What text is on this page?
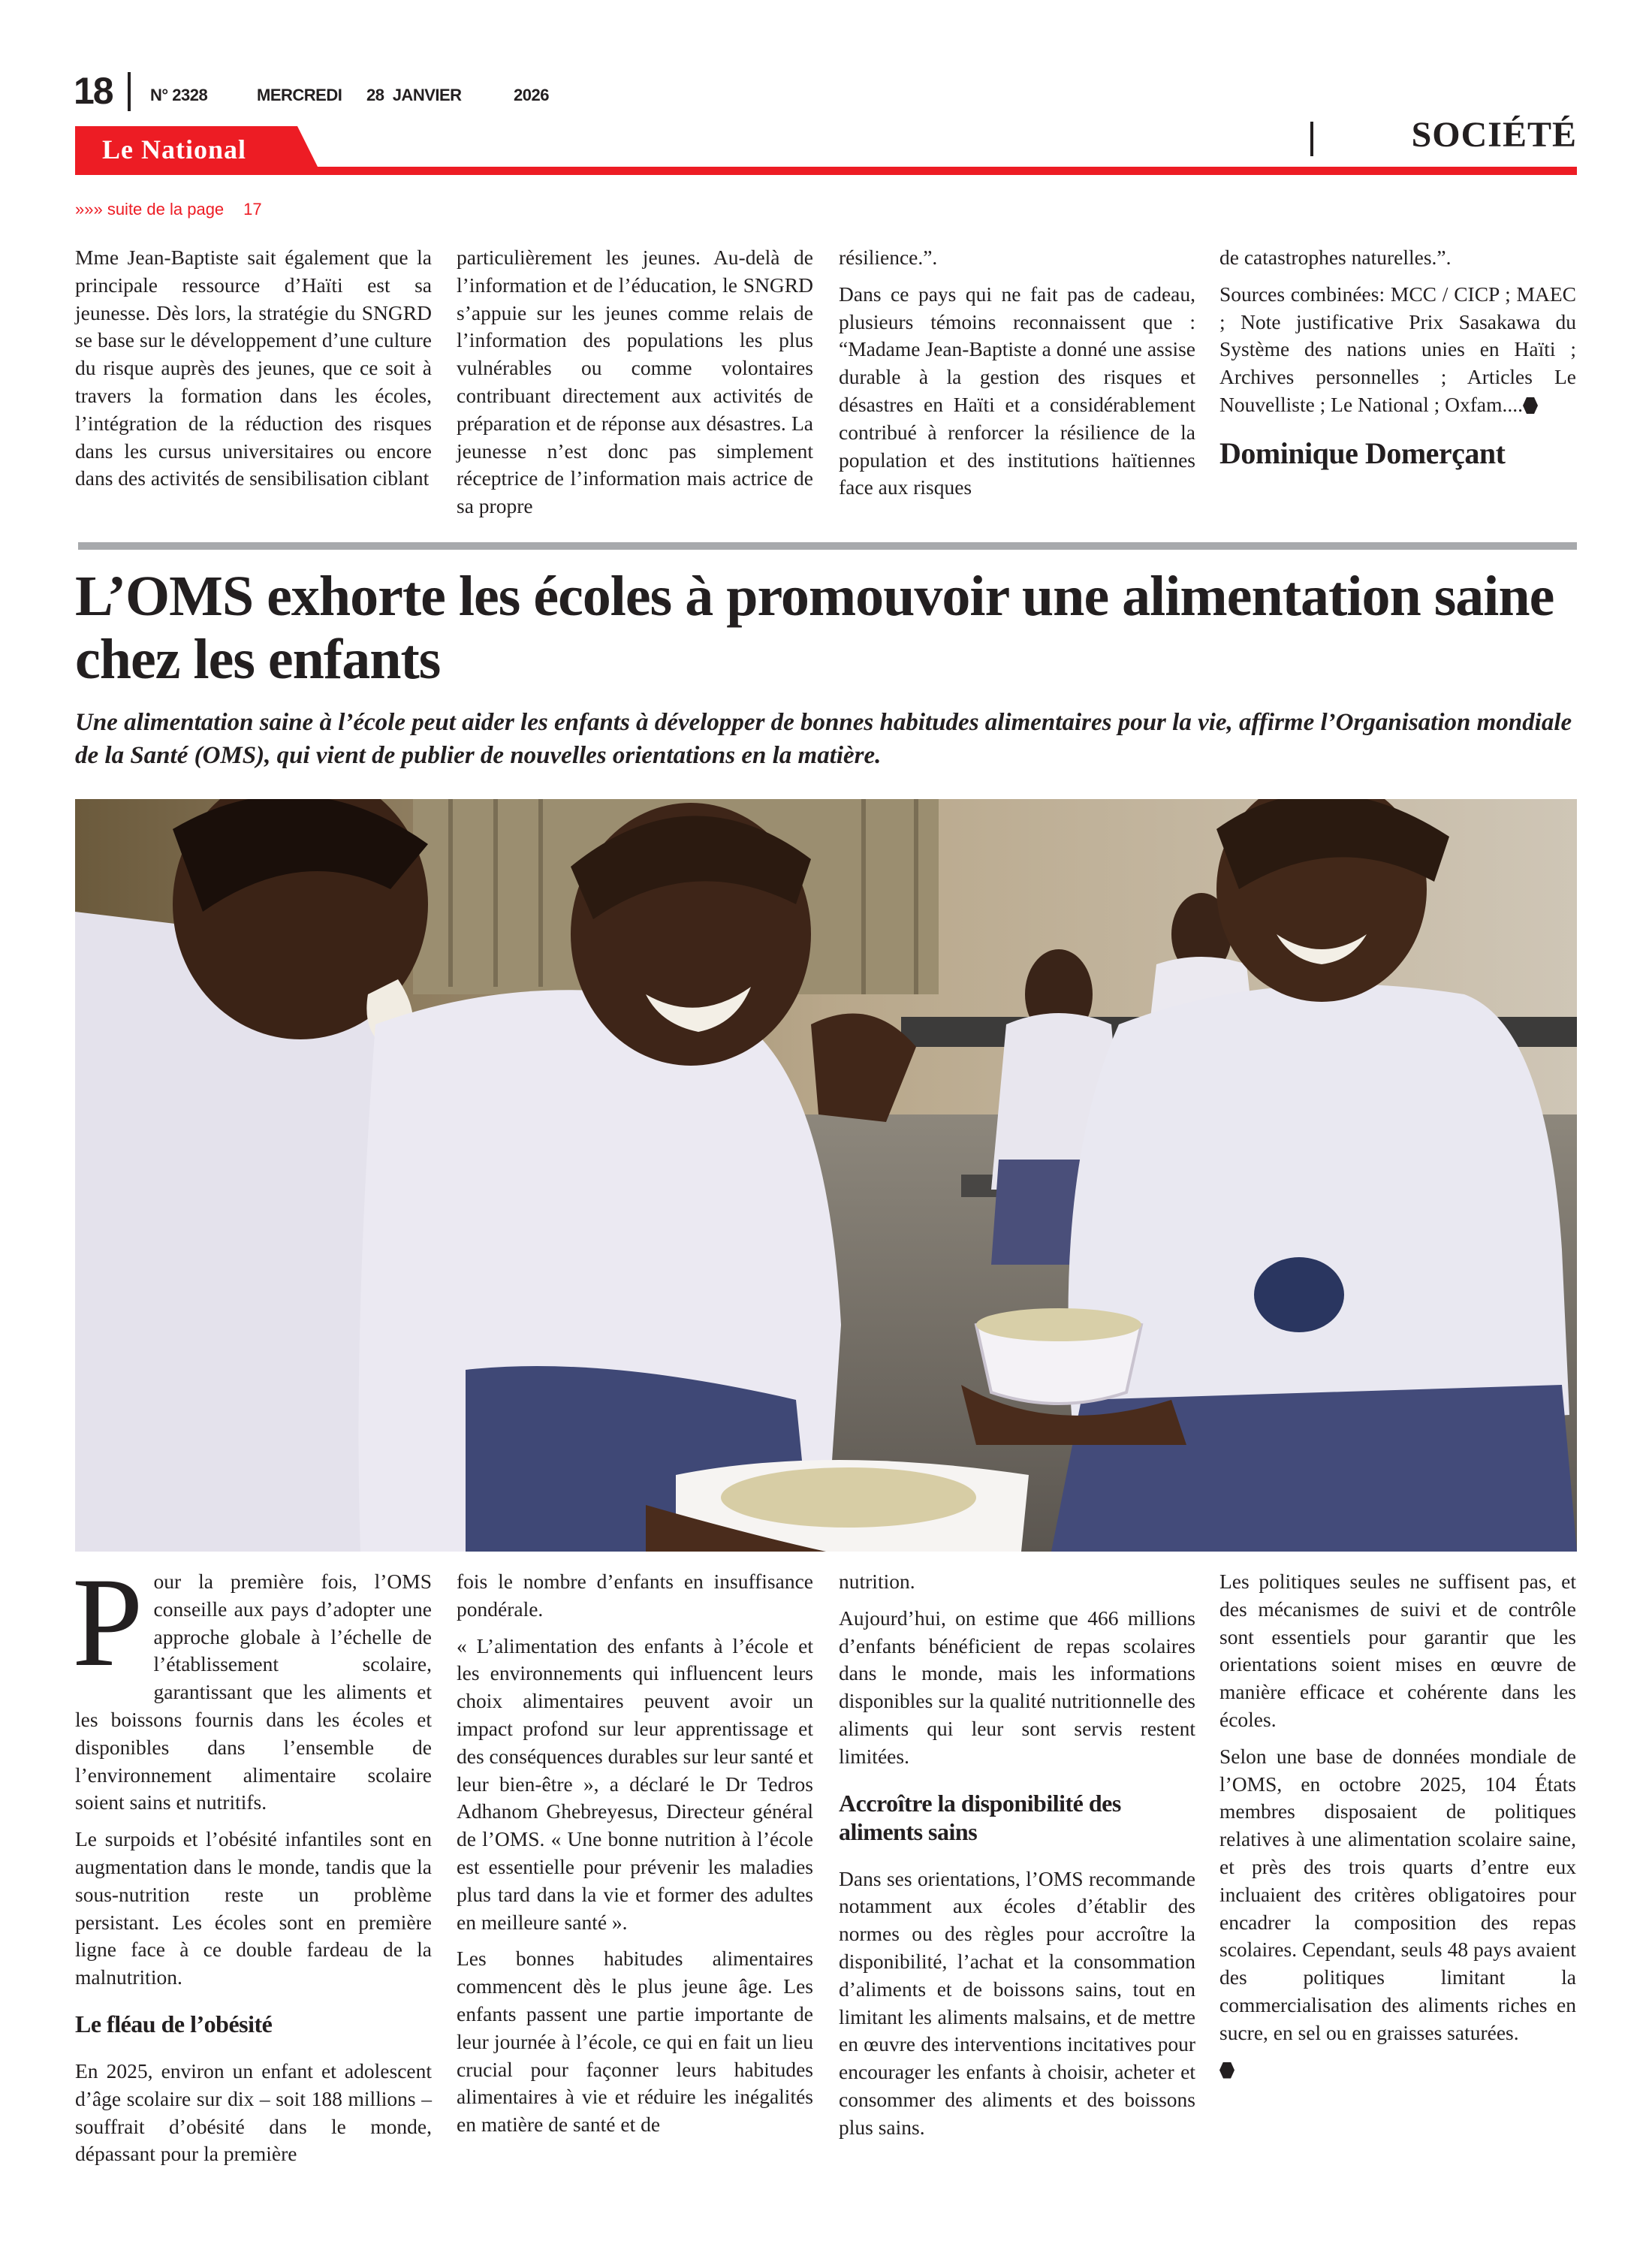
18 N° 2328	MERCREDI 28  JANVIER	2026
Le National	SOCIÉTÉ
»»» suite de la page 17

Mme Jean-Baptiste sait également que la principale ressource d’Haïti est sa jeunesse. Dès lors, la stratégie du SNGRD se base sur le développement d’une culture du risque auprès des jeunes, que ce soit à travers la formation dans les écoles, l’intégration de la réduction des risques dans les cursus universitaires ou encore dans des activités de sensibilisation ciblant

particulièrement les jeunes. Au-delà de l’information et de l’éducation, le SNGRD s’appuie sur les jeunes comme relais de l’information des populations les plus vulnérables ou comme volontaires contribuant directement aux activités de préparation et de réponse aux désastres. La jeunesse n’est donc pas simplement réceptrice de l’information mais actrice de sa propre

résilience.”.

Dans ce pays qui ne fait pas de cadeau, plusieurs témoins reconnaissent que : “Madame Jean-Baptiste a donné une assise durable à la gestion des risques et désastres en Haïti et a considérablement contribué à renforcer la résilience de la population et des institutions haïtiennes face aux risques

de catastrophes naturelles.”.

Sources combinées: MCC / CICP ; MAEC ; Note justificative Prix Sasakawa du Système des nations unies en Haïti ; Archives personnelles ; Articles Le Nouvelliste ; Le National ; Oxfam....

Dominique Domerçant
L’OMS exhorte les écoles à promouvoir une alimentation saine chez les enfants
Une alimentation saine à l’école peut aider les enfants à développer de bonnes habitudes alimentaires pour la vie, affirme l’Organisation mondiale de la Santé (OMS), qui vient de publier de nouvelles orientations en la matière.

Pour la première fois, l’OMS conseille aux pays d’adopter une approche globale à l’échelle de l’établissement scolaire, garantissant que les aliments et les boissons fournis dans les écoles et disponibles dans l’ensemble de l’environnement alimentaire scolaire soient sains et nutritifs.

Le surpoids et l’obésité infantiles sont en augmentation dans le monde, tandis que la sous-nutrition reste un problème persistant. Les écoles sont en première ligne face à ce double fardeau de la malnutrition.

Le fléau de l’obésité

En 2025, environ un enfant et adolescent d’âge scolaire sur dix – soit 188 millions – souffrait d’obésité dans le monde, dépassant pour la première

fois le nombre d’enfants en insuffisance pondérale.

« L’alimentation des enfants à l’école et les environnements qui influencent leurs choix alimentaires peuvent avoir un impact profond sur leur apprentissage et des conséquences durables sur leur santé et leur bien-être », a déclaré le Dr Tedros Adhanom Ghebreyesus, Directeur général de l’OMS. « Une bonne nutrition à l’école est essentielle pour prévenir les maladies plus tard dans la vie et former des adultes en meilleure santé ».

Les bonnes habitudes alimentaires commencent dès le plus jeune âge. Les enfants passent une partie importante de leur journée à l’école, ce qui en fait un lieu crucial pour façonner leurs habitudes alimentaires à vie et réduire les inégalités en matière de santé et de

nutrition.

Aujourd’hui, on estime que 466 millions d’enfants bénéficient de repas scolaires dans le monde, mais les informations disponibles sur la qualité nutritionnelle des aliments qui leur sont servis restent limitées.

Accroître la disponibilité des aliments sains

Dans ses orientations, l’OMS recommande notamment aux écoles d’établir des normes ou des règles pour accroître la disponibilité, l’achat et la consommation d’aliments et de boissons sains, tout en limitant les aliments malsains, et de mettre en œuvre des interventions incitatives pour encourager les enfants à choisir, acheter et consommer des aliments et des boissons plus sains.

Les politiques seules ne suffisent pas, et des mécanismes de suivi et de contrôle sont essentiels pour garantir que les orientations soient mises en œuvre de manière efficace et cohérente dans les écoles.

Selon une base de données mondiale de l’OMS, en octobre 2025, 104 États membres disposaient de politiques relatives à une alimentation scolaire saine, et près des trois quarts d’entre eux incluaient des critères obligatoires pour encadrer la composition des repas scolaires. Cependant, seuls 48 pays avaient des politiques limitant la commercialisation des aliments riches en sucre, en sel ou en graisses saturées.
